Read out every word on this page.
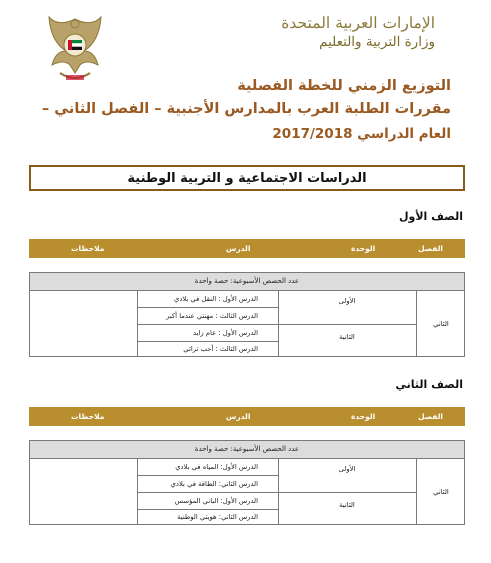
الإمارات العربية المتحدة
وزارة التربية والتعليم
التوزيع الزمني للخطة الفصلية
مقررات الطلبة العرب بالمدارس الأجنبية – الفصل الثاني –
العام الدراسي 2017/2018
الدراسات الاجتماعية و التربية الوطنية
الصف الأول
الفصل
الوحدة
الدرس
ملاحظات
عدد الحصص الأسبوعية: حصة واحدة
الثاني
الأولى
الثانية
الدرس الأول : النقل في بلادي
الدرس الثالث : مهنتي عندما أكبر
الدرس الأول : عام زايد
الدرس الثالث : أحب تراثي
الصف الثاني
الفصل
الوحدة
الدرس
ملاحظات
عدد الحصص الأسبوعية: حصة واحدة
الثاني
الأولى
الثانية
الدرس الأول: المياه في بلادي
الدرس الثاني: الطاقة في بلادي
الدرس الأول: الباني المؤسس
الدرس الثاني: هويتي الوطنية
